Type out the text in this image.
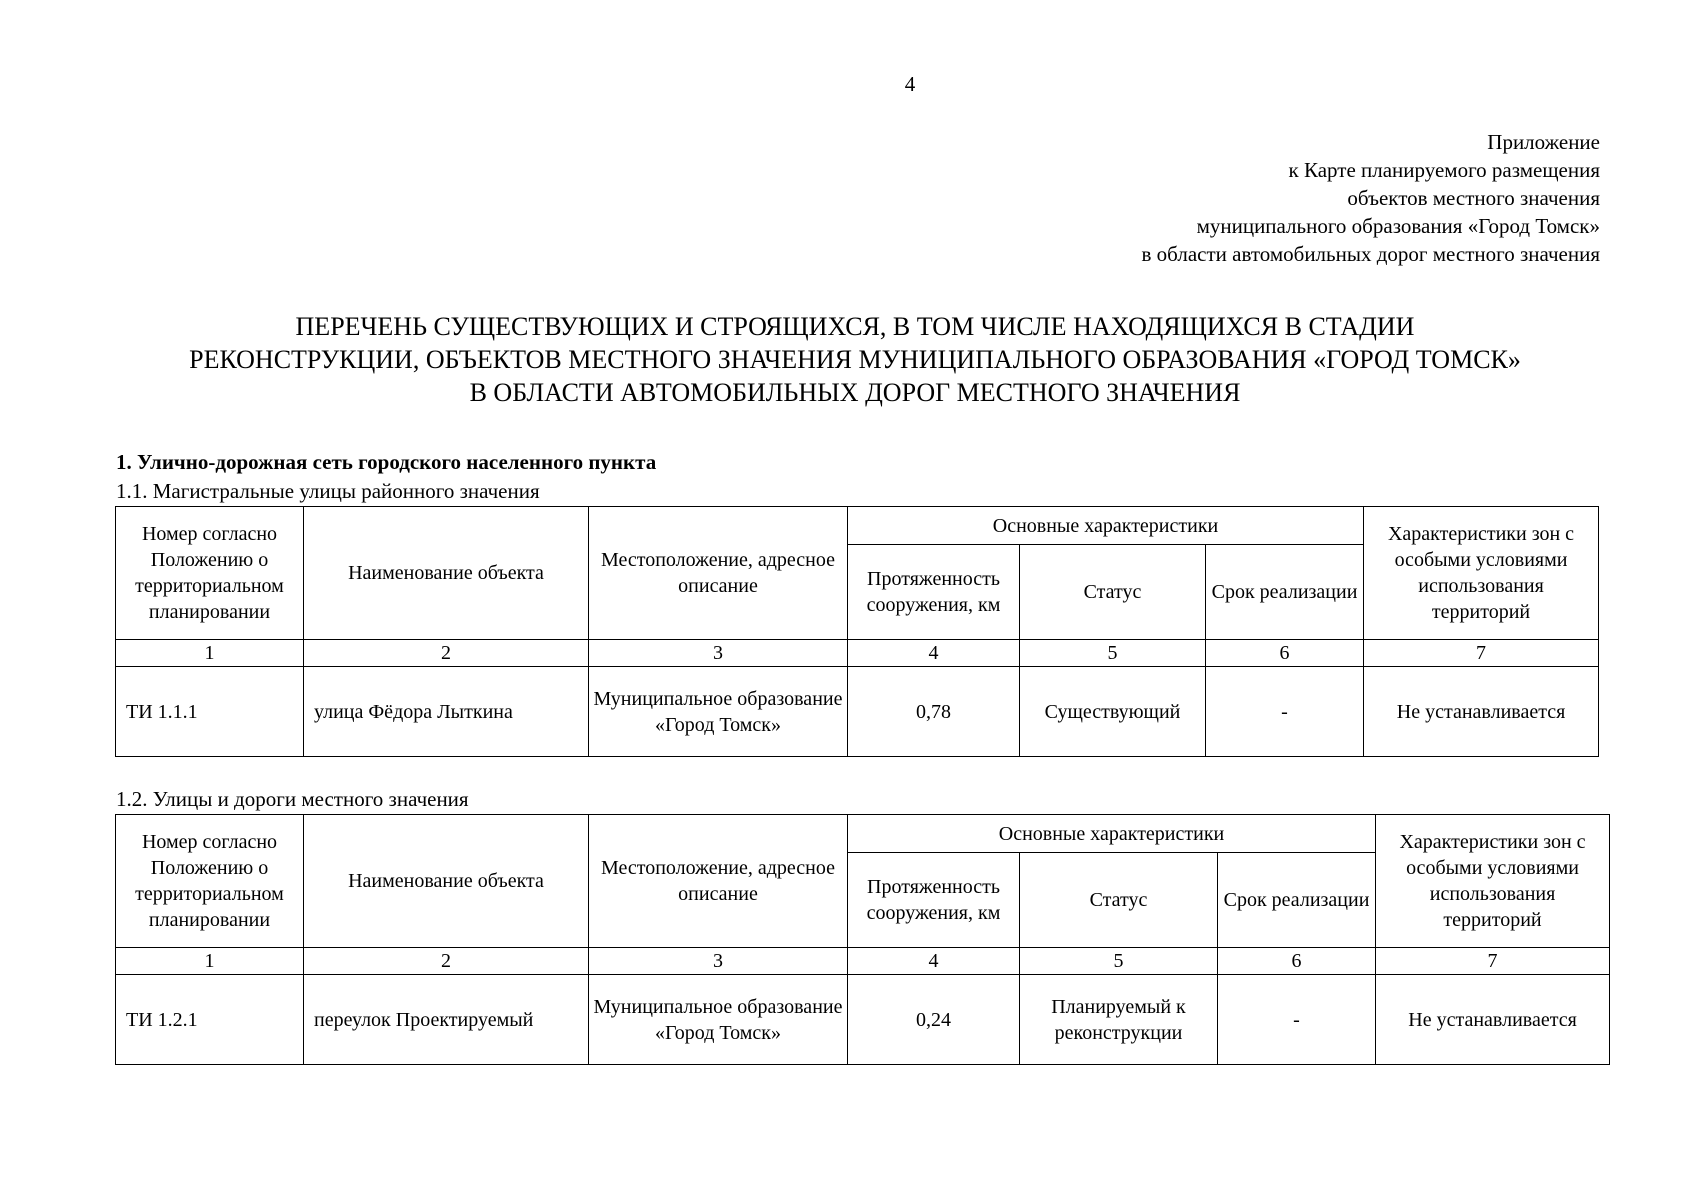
4
Приложение
к Карте планируемого размещения
объектов местного значения
муниципального образования «Город Томск»
в области автомобильных дорог местного значения
ПЕРЕЧЕНЬ СУЩЕСТВУЮЩИХ И СТРОЯЩИХСЯ, В ТОМ ЧИСЛЕ НАХОДЯЩИХСЯ В СТАДИИ
РЕКОНСТРУКЦИИ, ОБЪЕКТОВ МЕСТНОГО ЗНАЧЕНИЯ МУНИЦИПАЛЬНОГО ОБРАЗОВАНИЯ «ГОРОД ТОМСК»
В ОБЛАСТИ АВТОМОБИЛЬНЫХ ДОРОГ МЕСТНОГО ЗНАЧЕНИЯ
1. Улично-дорожная сеть городского населенного пункта
1.1. Магистральные улицы районного значения
Номер согласно Положению о территориальном планировании	Наименование объекта	Местоположение, адресное описание	Основные характеристики			Характеристики зон с особыми условиями использования территорий
			Протяженность сооружения, км	Статус	Срок реализации	
1	2	3	4	5	6	7
ТИ 1.1.1	улица Фёдора Лыткина	Муниципальное образование «Город Томск»	0,78	Существующий	-	Не устанавливается
1.2. Улицы и дороги местного значения
Номер согласно Положению о территориальном планировании	Наименование объекта	Местоположение, адресное описание	Основные характеристики			Характеристики зон с особыми условиями использования территорий
			Протяженность сооружения, км	Статус	Срок реализации	
1	2	3	4	5	6	7
ТИ 1.2.1	переулок Проектируемый	Муниципальное образование «Город Томск»	0,24	Планируемый к реконструкции	-	Не устанавливается
